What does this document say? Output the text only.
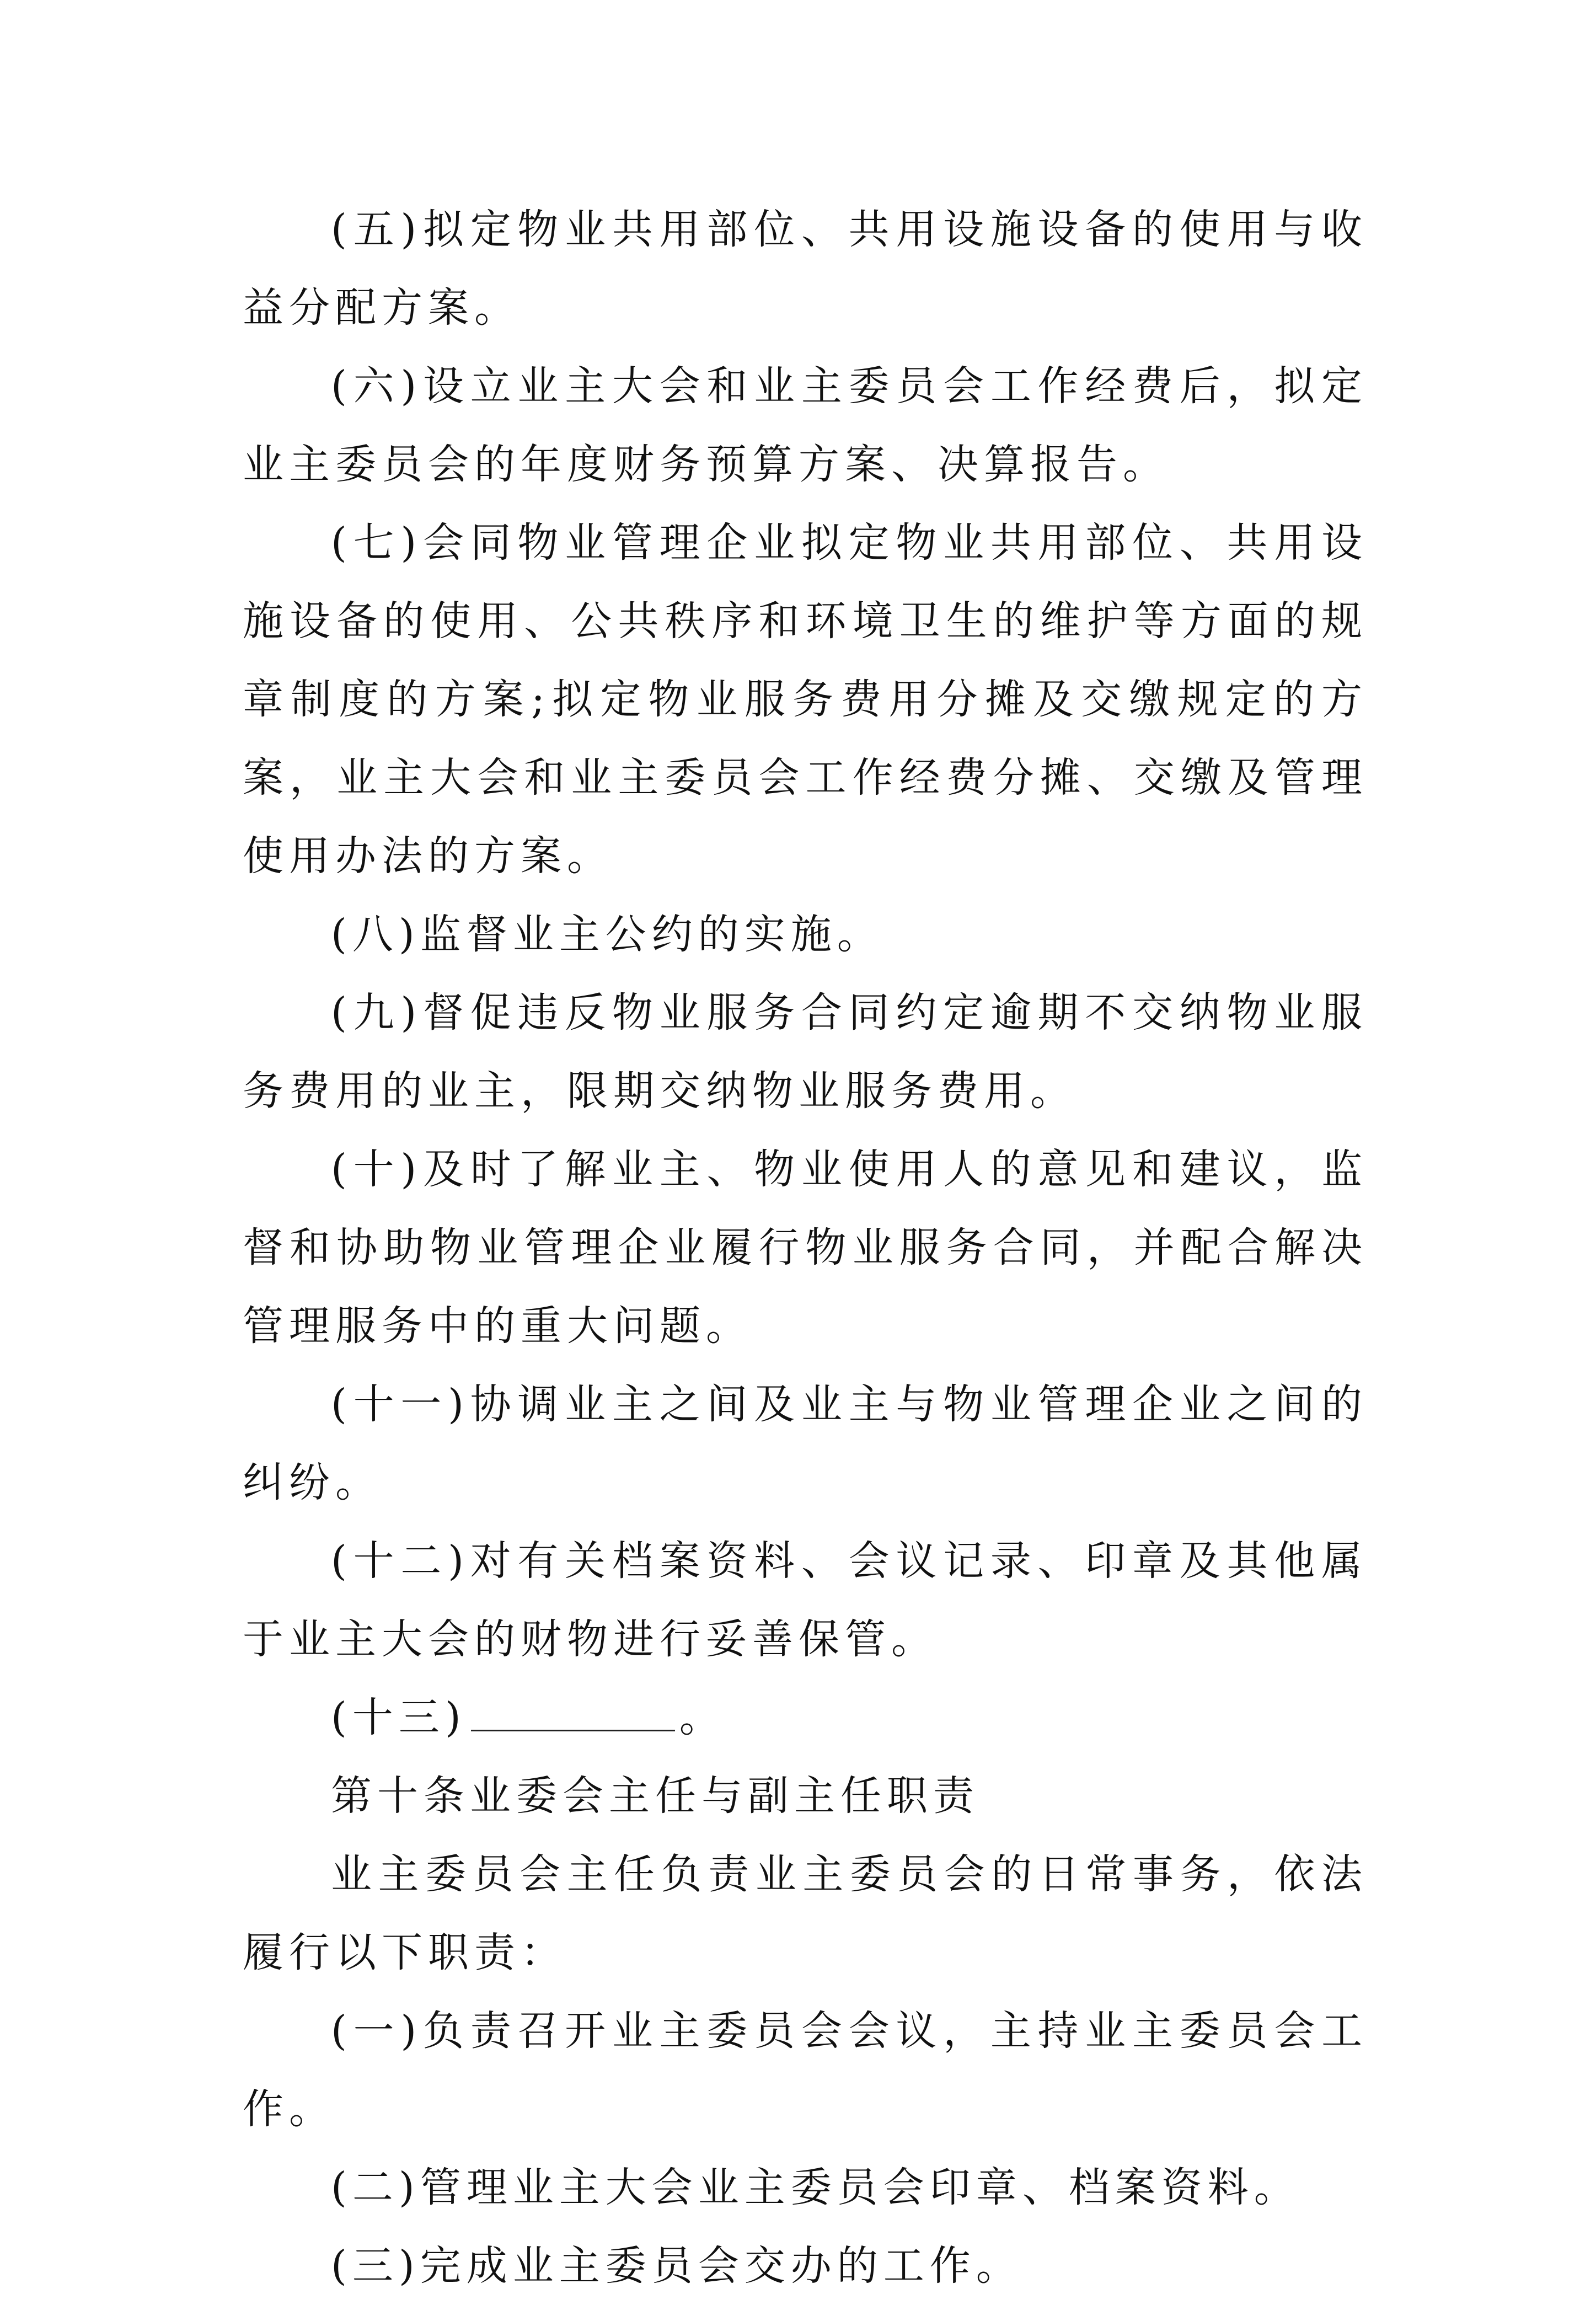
(五)拟定物业共用部位、共用设施设备的使用与收益分配方案。

(六)设立业主大会和业主委员会工作经费后，拟定业主委员会的年度财务预算方案、决算报告。

(七)会同物业管理企业拟定物业共用部位、共用设施设备的使用、公共秩序和环境卫生的维护等方面的规章制度的方案;拟定物业服务费用分摊及交缴规定的方案，业主大会和业主委员会工作经费分摊、交缴及管理使用办法的方案。

(八)监督业主公约的实施。

(九)督促违反物业服务合同约定逾期不交纳物业服务费用的业主，限期交纳物业服务费用。

(十)及时了解业主、物业使用人的意见和建议，监督和协助物业管理企业履行物业服务合同，并配合解决管理服务中的重大问题。

(十一)协调业主之间及业主与物业管理企业之间的纠纷。

(十二)对有关档案资料、会议记录、印章及其他属于业主大会的财物进行妥善保管。

(十三)	。

第十条业委会主任与副主任职责

业主委员会主任负责业主委员会的日常事务，依法履行以下职责：

(一)负责召开业主委员会会议，主持业主委员会工作。

(二)管理业主大会业主委员会印章、档案资料。

(三)完成业主委员会交办的工作。
